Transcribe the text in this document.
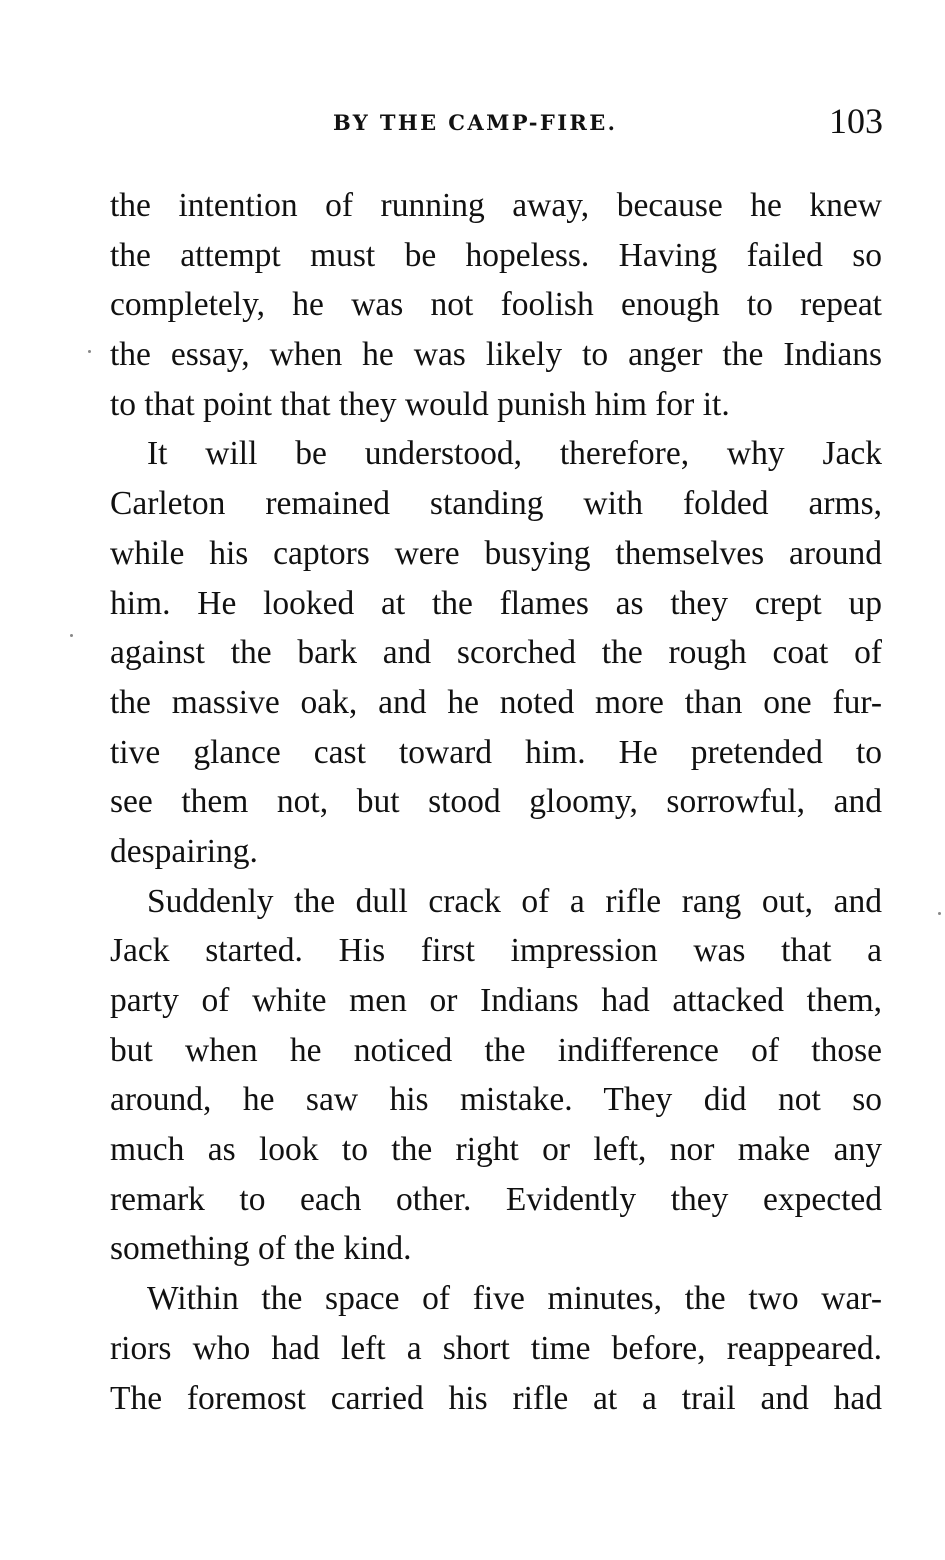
BY THE CAMP-FIRE.	103
the intention of running away, because he knew
the attempt must be hopeless. Having failed so
completely, he was not foolish enough to repeat
the essay, when he was likely to anger the Indians
to that point that they would punish him for it.
It will be understood, therefore, why Jack
Carleton remained standing with folded arms,
while his captors were busying themselves around
him. He looked at the flames as they crept up
against the bark and scorched the rough coat of
the massive oak, and he noted more than one fur-
tive glance cast toward him. He pretended to
see them not, but stood gloomy, sorrowful, and
despairing.
Suddenly the dull crack of a rifle rang out, and
Jack started. His first impression was that a
party of white men or Indians had attacked them,
but when he noticed the indifference of those
around, he saw his mistake. They did not so
much as look to the right or left, nor make any
remark to each other. Evidently they expected
something of the kind.
Within the space of five minutes, the two war-
riors who had left a short time before, reappeared.
The foremost carried his rifle at a trail and had
